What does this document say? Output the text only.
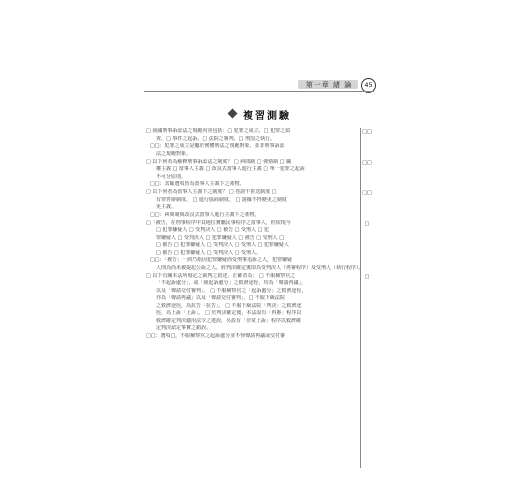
第一章 緒 論	45
複習測驗
□ 我國刑事訴訟法之規範內容包括：□ 犯罪之成立、□ 犯罪之偵
查、□ 事件之起訴、□ 法院之審判、□ 刑罰之執行。
□□：犯罪之成立是屬於實體刑法之規範對象，並非刑事訴訟
法之規範對象。
□□
□ 以下何者為解釋刑事訴訟法之制度？ □ 糾問制 □ 彈劾制 □ 職
權主義 □ 當事人主義 □ 改良式當事人進行主義 □ 單一犯罪之起訴
不可分原則。
□□：其餘選項皆為當事人主義下之產物。
□□
□ 以下何者為當事人主義下之制度？ □ 卷證不併送制度 □
有罪答辯制度、 □ 進行協商制度、 □ 證據不得變更之制度
更主義。
□□：糾問制與改良式當事人進行主義下之產物。
□□
□「被告，在刑事程序中其地位實屬民事程序之當事人，但依現今
□ 犯罪嫌疑人 □ 受判決人 □ 被告 □ 受刑人 □ 犯
罪嫌疑人 □ 受判決人 □ 犯罪嫌疑人 □ 被告 □ 受刑人 □
□ 被告 □ 犯罪嫌疑人 □ 受判決人 □ 受刑人 □ 犯罪嫌疑人
□ 被告 □ 犯罪嫌疑人 □ 受判決人 □ 受刑人。
□□：「被告」一詞乃指因犯罪嫌疑而受刑事追訴之人，犯罪嫌疑
人則為尚未被提起公訴之人，經判決確定後即為受判決人（再審程序）及受刑人（執行程序）。
□
□ 以下有關本法所規定之裁判之敘述，正確者為： □ 不服檢察官之
「不起訴處分」，或「緩起訴處分」之救濟途徑，均為「聲請再議」，
以及「聲請交付審判」。 □ 不服檢察官之「起訴處分」之救濟途徑，
亦為「聲請再議」以及「聲請交付審判」。□ 不服下級法院
之救濟途徑，為抗告「抗告」。 □ 不服下級法院「判決」之救濟途
徑，為上訴「上訴」。 □ 於判決確定後，本法設有「再審」程序以
救濟確定判決適用法令之違誤，另設有「非常上訴」程序以救濟確
定判決認定事實之錯誤。
□
□□：選項□，不服檢察官之起訴處分並不得聲請再議或交付審
